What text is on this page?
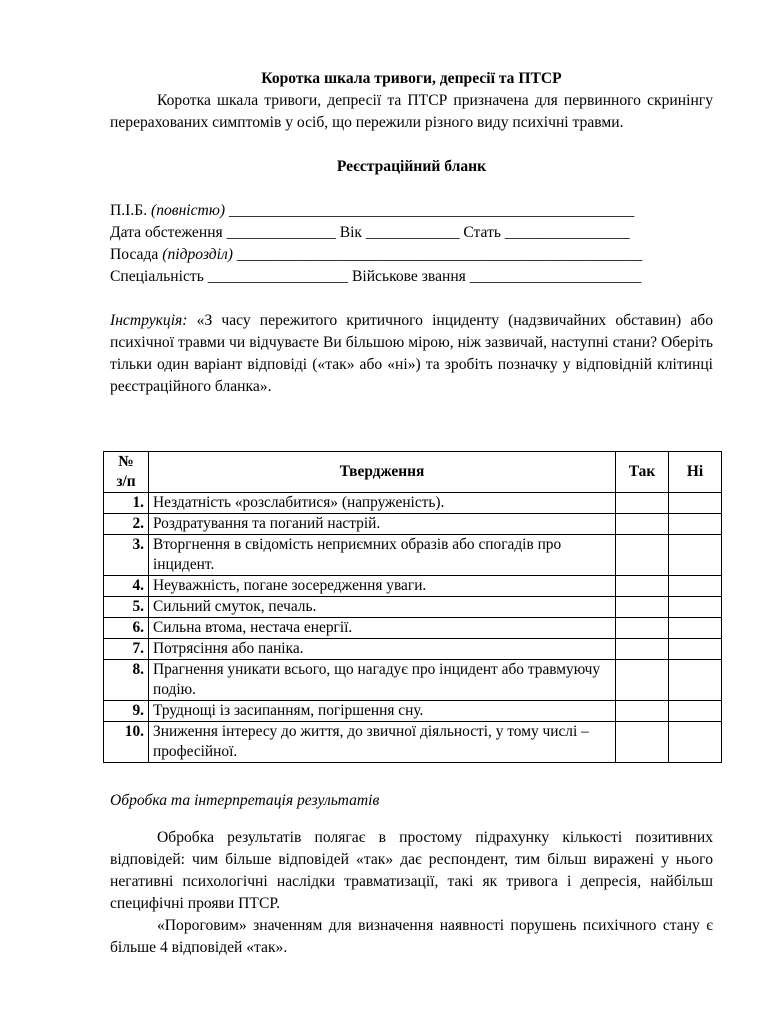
Коротка шкала тривоги, депресії та ПТСР

Коротка шкала тривоги, депресії та ПТСР призначена для первинного скринінгу перерахованих симптомів у осіб, що пережили різного виду психічні травми.

Реєстраційний бланк

П.І.Б. (повністю) ____________________________________________________

Дата обстеження ______________ Вік ____________ Стать ________________

Посада (підрозділ) ____________________________________________________

Спеціальність __________________ Військове звання ______________________

Інструкція: «З часу пережитого критичного інциденту (надзвичайних обставин) або психічної травми чи відчуваєте Ви більшою мірою, ніж зазвичай, наступні стани? Оберіть тільки один варіант відповіді («так» або «ні») та зробіть позначку у відповідній клітинці реєстраційного бланка».

№
з/п	Твердження	Так	Ні
1.	Нездатність «розслабитися» (напруженість).		
2.	Роздратування та поганий настрій.		
3.	Вторгнення в свідомість неприємних образів або спогадів про інцидент.		
4.	Неуважність, погане зосередження уваги.		
5.	Сильний смуток, печаль.		
6.	Сильна втома, нестача енергії.		
7.	Потрясіння або паніка.		
8.	Прагнення уникати всього, що нагадує про інцидент або травмуючу подію.		
9.	Труднощі із засипанням, погіршення сну.		
10.	Зниження інтересу до життя, до звичної діяльності, у тому числі – професійної.		

Обробка та інтерпретація результатів

Обробка результатів полягає в простому підрахунку кількості позитивних відповідей: чим більше відповідей «так» дає респондент, тим більш виражені у нього негативні психологічні наслідки травматизації, такі як тривога і депресія, найбільш специфічні прояви ПТСР.

«Пороговим» значенням для визначення наявності порушень психічного стану є більше 4 відповідей «так».
